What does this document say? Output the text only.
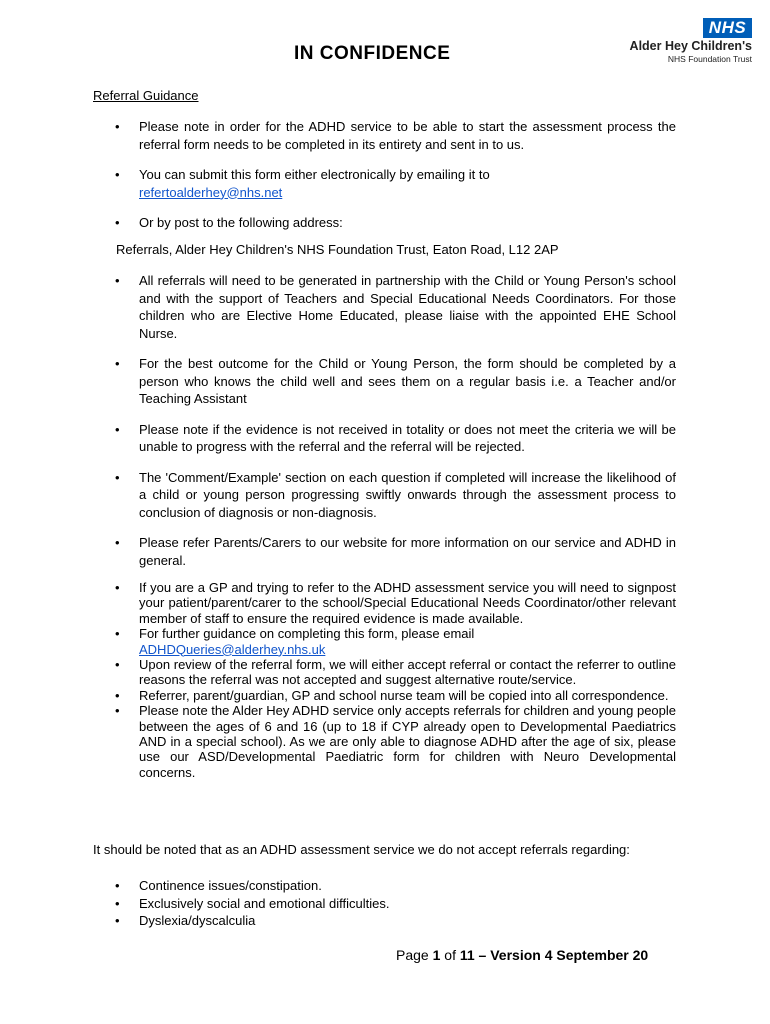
IN CONFIDENCE
NHS
Alder Hey Children's
NHS Foundation Trust
Referral Guidance
• Please note in order for the ADHD service to be able to start the assessment process the referral form needs to be completed in its entirety and sent in to us.
• You can submit this form either electronically by emailing it to
refertoalderhey@nhs.net
• Or by post to the following address:
Referrals, Alder Hey Children's NHS Foundation Trust, Eaton Road, L12 2AP
• All referrals will need to be generated in partnership with the Child or Young Person's school and with the support of Teachers and Special Educational Needs Coordinators. For those children who are Elective Home Educated, please liaise with the appointed EHE School Nurse.
• For the best outcome for the Child or Young Person, the form should be completed by a person who knows the child well and sees them on a regular basis i.e. a Teacher and/or Teaching Assistant
• Please note if the evidence is not received in totality or does not meet the criteria we will be unable to progress with the referral and the referral will be rejected.
• The 'Comment/Example' section on each question if completed will increase the likelihood of a child or young person progressing swiftly onwards through the assessment process to conclusion of diagnosis or non-diagnosis.
• Please refer Parents/Carers to our website for more information on our service and ADHD in general.
• If you are a GP and trying to refer to the ADHD assessment service you will need to signpost your patient/parent/carer to the school/Special Educational Needs Coordinator/other relevant member of staff to ensure the required evidence is made available.
• For further guidance on completing this form, please email
ADHDQueries@alderhey.nhs.uk
• Upon review of the referral form, we will either accept referral or contact the referrer to outline reasons the referral was not accepted and suggest alternative route/service.
• Referrer, parent/guardian, GP and school nurse team will be copied into all correspondence.
• Please note the Alder Hey ADHD service only accepts referrals for children and young people between the ages of 6 and 16 (up to 18 if CYP already open to Developmental Paediatrics AND in a special school). As we are only able to diagnose ADHD after the age of six, please use our ASD/Developmental Paediatric form for children with Neuro Developmental concerns.
It should be noted that as an ADHD assessment service we do not accept referrals regarding:
• Continence issues/constipation.
• Exclusively social and emotional difficulties.
• Dyslexia/dyscalculia
Page 1 of 11 – Version 4 September 20
